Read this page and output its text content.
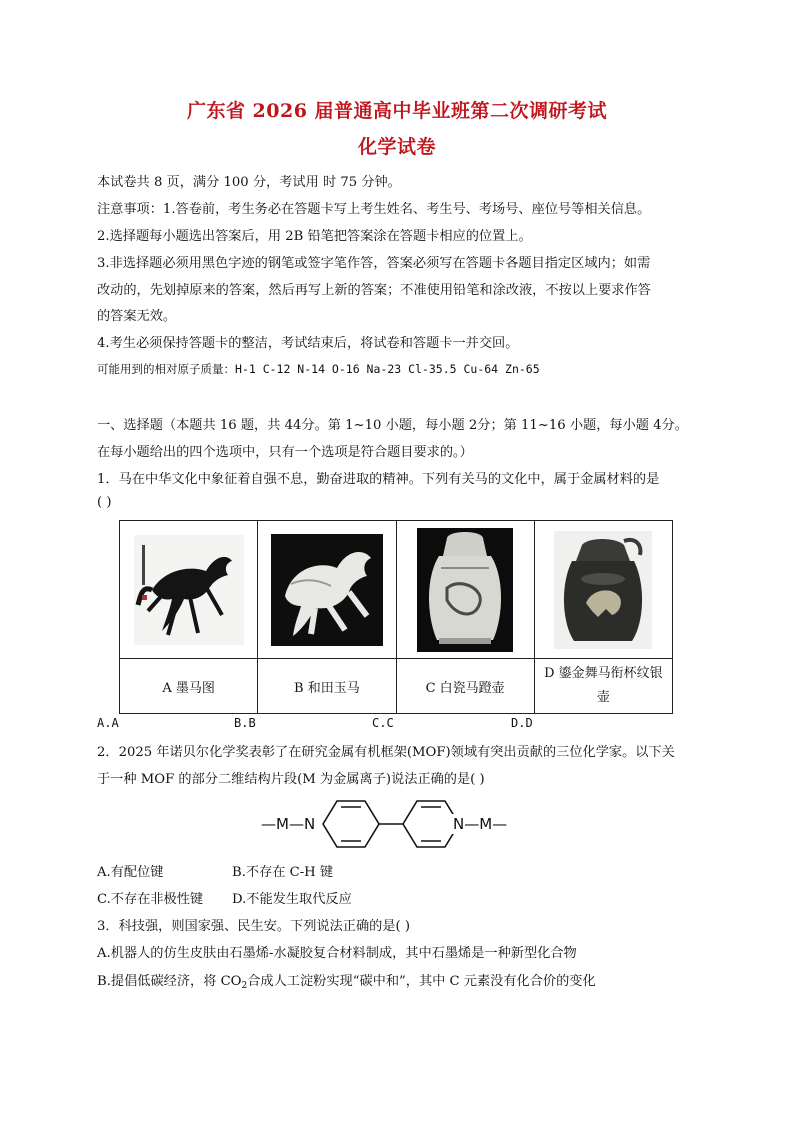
广东省 2026 届普通高中毕业班第二次调研考试
化学试卷
本试卷共 8 页，满分 100 分，考试用 时 75 分钟。
注意事项：1.答卷前，考生务必在答题卡写上考生姓名、考生号、考场号、座位号等相关信息。
2.选择题每小题选出答案后，用 2B 铅笔把答案涂在答题卡相应的位置上。
3.非选择题必须用黑色字迹的钢笔或签字笔作答，答案必须写在答题卡各题目指定区域内；如需
改动的，先划掉原来的答案，然后再写上新的答案；不准使用铅笔和涂改液，不按以上要求作答
的答案无效。
4.考生必须保持答题卡的整洁，考试结束后，将试卷和答题卡一并交回。
可能用到的相对原子质量：H-1 C-12 N-14 O-16 Na-23 Cl-35.5 Cu-64 Zn-65
一、选择题（本题共 16 题，共 44分。第 1~10 小题，每小题 2分；第 11~16 小题，每小题 4分。
在每小题给出的四个选项中，只有一个选项是符合题目要求的。）
1．马在中华文化中象征着自强不息，勤奋进取的精神。下列有关马的文化中，属于金属材料的是
( )

A 墨马图	B 和田玉马	C 白瓷马蹬壶	D 鎏金舞马衔杯纹银
壶
A.A	B.B	C.C	D.D
2．2025 年诺贝尔化学奖表彰了在研究金属有机框架(MOF)领域有突出贡献的三位化学家。以下关
于一种 MOF 的部分二维结构片段(M 为金属离子)说法正确的是( )
—M—N	N—M—
A.有配位键	B.不存在 C-H 键
C.不存在非极性键 D.不能发生取代反应
3．科技强，则国家强、民生安。下列说法正确的是( )
A.机器人的仿生皮肤由石墨烯-水凝胶复合材料制成，其中石墨烯是一种新型化合物
B.提倡低碳经济，将 $CO_2$合成人工淀粉实现“碳中和”，其中 C 元素没有化合价的变化
